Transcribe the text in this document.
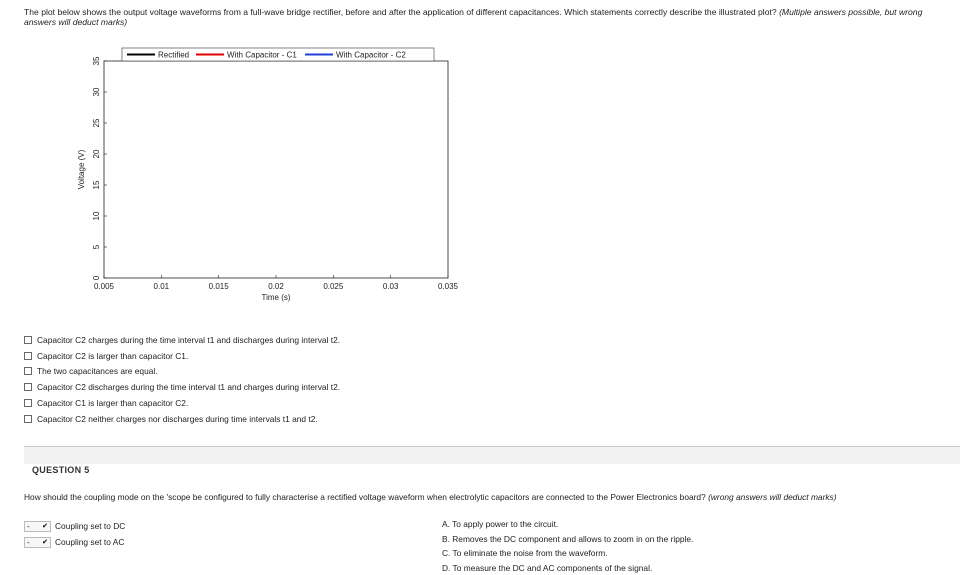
The plot below shows the output voltage waveforms from a full-wave bridge rectifier, before and after the application of different capacitances. Which statements correctly describe the illustrated plot? (Multiple answers possible, but wrong answers will deduct marks)
0.005	0.01	0.015	0.02	0.025	0.03	0.035
0
5
10
15
20
25
30
35
Time (s)
Voltage (V)
Rectified	With Capacitor - C1	With Capacitor - C2
Capacitor C2 charges during the time interval t1 and discharges during interval t2.
Capacitor C2 is larger than capacitor C1.
The two capacitances are equal.
Capacitor C2 discharges during the time interval t1 and charges during interval t2.
Capacitor C1 is larger than capacitor C2.
Capacitor C2 neither charges nor discharges during time intervals t1 and t2.
QUESTION 5
How should the coupling mode on the 'scope be configured to fully characterise a rectified voltage waveform when electrolytic capacitors are connected to the Power Electronics board? (wrong answers will deduct marks)
- ✔ Coupling set to DC
- ✔ Coupling set to AC
A. To apply power to the circuit.
B. Removes the DC component and allows to zoom in on the ripple.
C. To eliminate the noise from the waveform.
D. To measure the DC and AC components of the signal.
